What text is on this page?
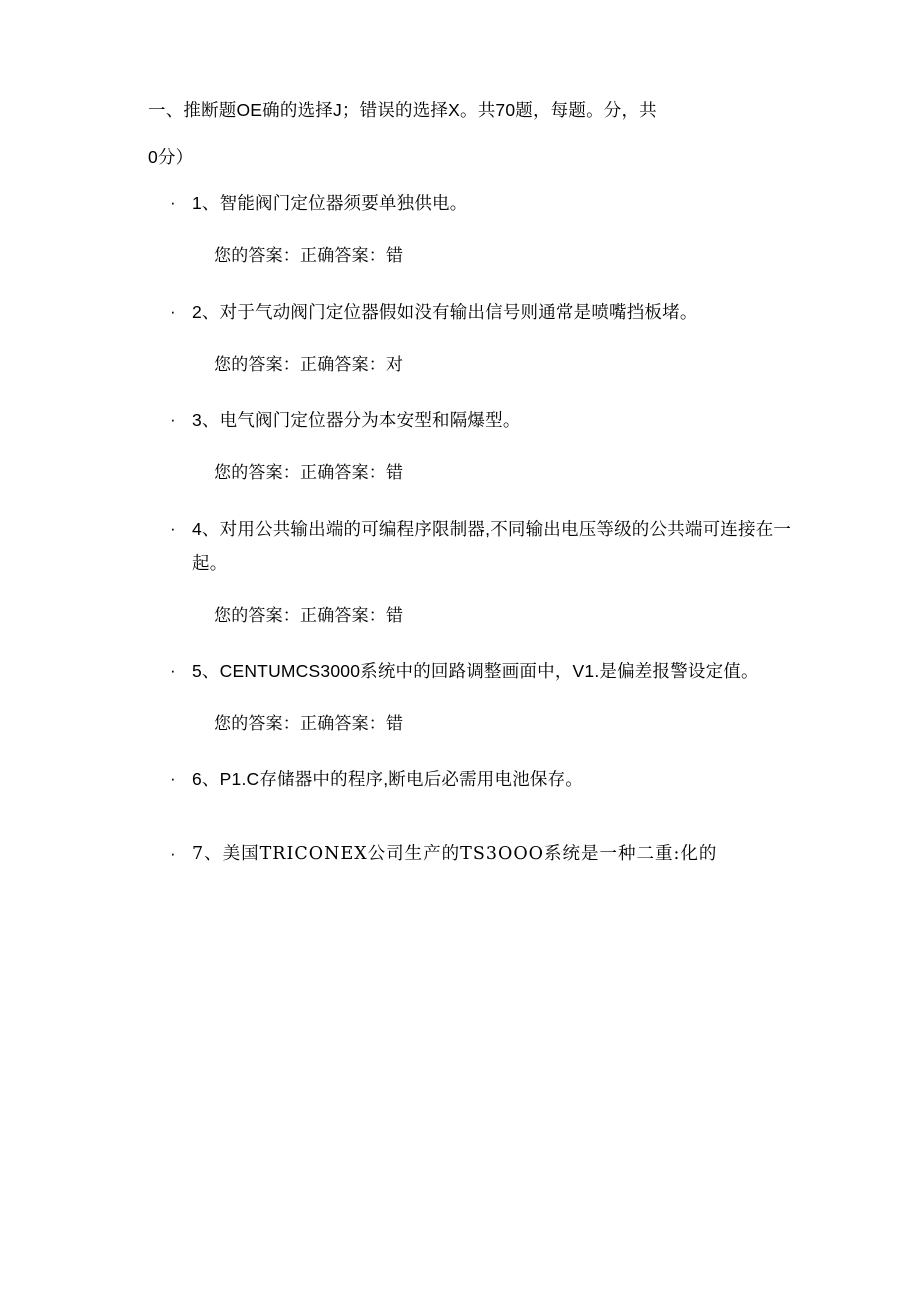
一、推断题OE确的选择J；错误的选择X。共70题，每题。分，共
0分）
· 1、智能阀门定位器须要单独供电。

您的答案：正确答案：错

· 2、对于气动阀门定位器假如没有输出信号则通常是喷嘴挡板堵。

您的答案：正确答案：对

· 3、电气阀门定位器分为本安型和隔爆型。

您的答案：正确答案：错

· 4、对用公共输出端的可编程序限制器,不同输出电压等级的公共端可连接在一起。

您的答案：正确答案：错

· 5、CENTUMCS3000系统中的回路调整画面中，V1.是偏差报警设定值。

您的答案：正确答案：错

· 6、P1.C存储器中的程序,断电后必需用电池保存。

· 7、美国TRICONEX公司生产的TS3OOO系统是一种二重:化的
